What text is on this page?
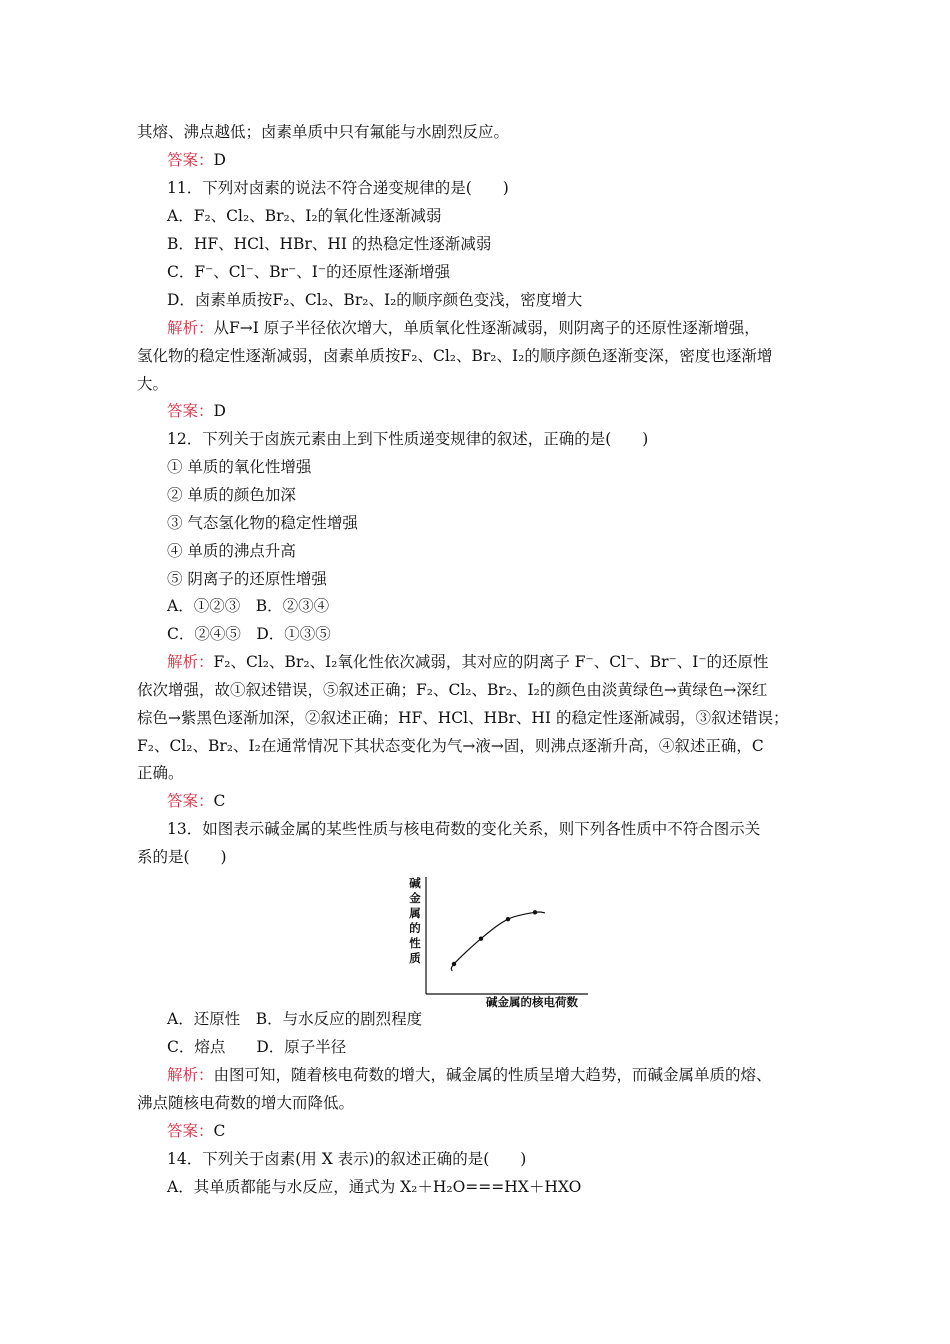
其熔、沸点越低；卤素单质中只有氟能与水剧烈反应。
答案：D
11．下列对卤素的说法不符合递变规律的是(　　)
A．F₂、Cl₂、Br₂、I₂的氧化性逐渐减弱
B．HF、HCl、HBr、HI 的热稳定性逐渐减弱
C．F⁻、Cl⁻、Br⁻、I⁻的还原性逐渐增强
D．卤素单质按F₂、Cl₂、Br₂、I₂的顺序颜色变浅，密度增大
解析：从F→I 原子半径依次增大，单质氧化性逐渐减弱，则阴离子的还原性逐渐增强，
氢化物的稳定性逐渐减弱，卤素单质按F₂、Cl₂、Br₂、I₂的顺序颜色逐渐变深，密度也逐渐增
大。
答案：D
12．下列关于卤族元素由上到下性质递变规律的叙述，正确的是(　　)
① 单质的氧化性增强
② 单质的颜色加深
③ 气态氢化物的稳定性增强
④ 单质的沸点升高
⑤ 阴离子的还原性增强
A．①②③　B．②③④
C．②④⑤　D．①③⑤
解析：F₂、Cl₂、Br₂、I₂氧化性依次减弱，其对应的阴离子 F⁻、Cl⁻、Br⁻、I⁻的还原性
依次增强，故①叙述错误，⑤叙述正确；F₂、Cl₂、Br₂、I₂的颜色由淡黄绿色→黄绿色→深红
棕色→紫黑色逐渐加深，②叙述正确；HF、HCl、HBr、HI 的稳定性逐渐减弱，③叙述错误；
F₂、Cl₂、Br₂、I₂在通常情况下其状态变化为气→液→固，则沸点逐渐升高，④叙述正确，C
正确。
答案：C
13．如图表示碱金属的某些性质与核电荷数的变化关系，则下列各性质中不符合图示关
系的是(　　)
碱金属的性质
碱金属的核电荷数
A．还原性　B．与水反应的剧烈程度
C．熔点　　D．原子半径
解析：由图可知，随着核电荷数的增大，碱金属的性质呈增大趋势，而碱金属单质的熔、
沸点随核电荷数的增大而降低。
答案：C
14．下列关于卤素(用 X 表示)的叙述正确的是(　　)
A．其单质都能与水反应，通式为 X₂＋H₂O===HX＋HXO
